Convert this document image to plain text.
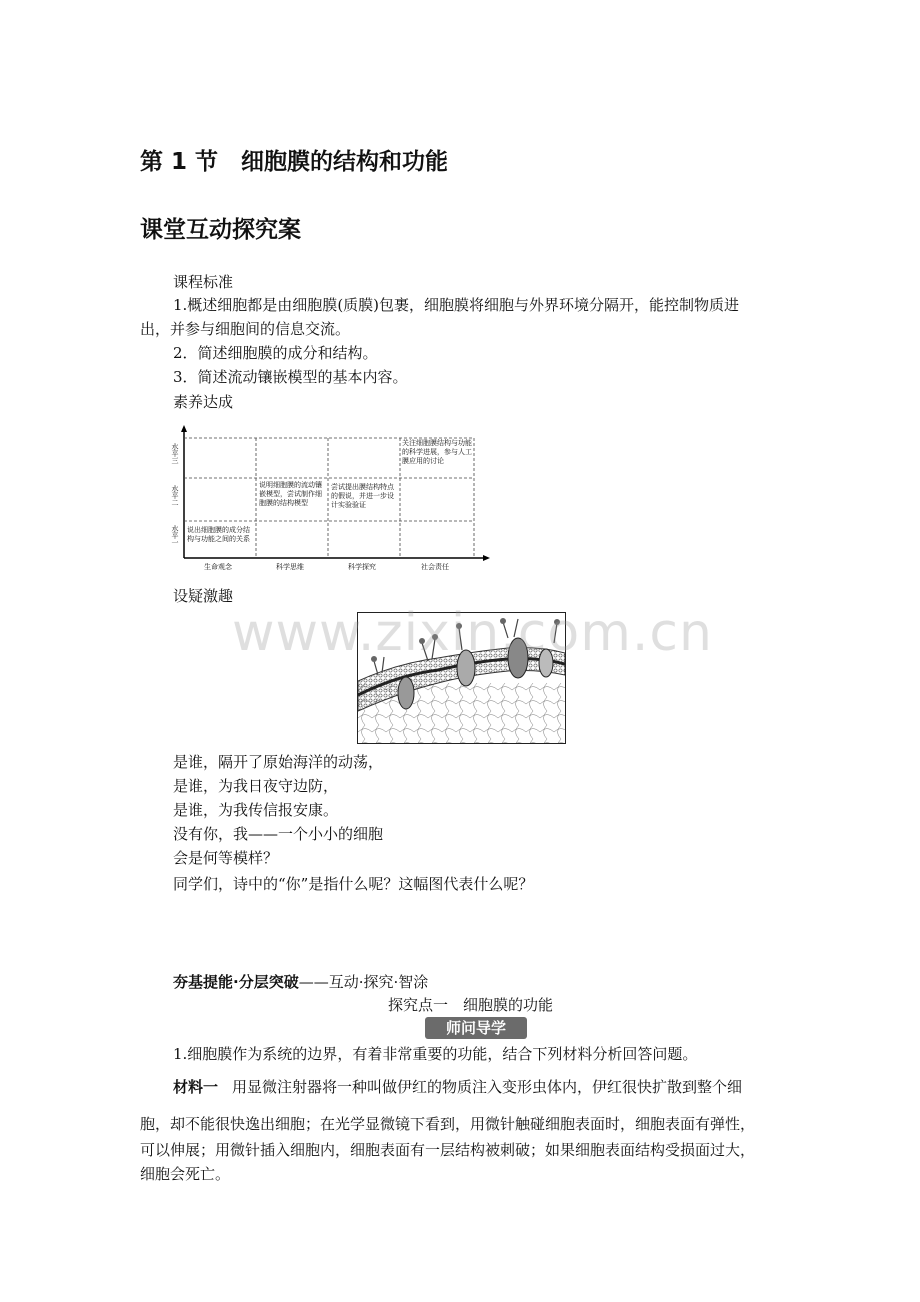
第 1 节　细胞膜的结构和功能
课堂互动探究案
课程标准
1.概述细胞都是由细胞膜(质膜)包裹，细胞膜将细胞与外界环境分隔开，能控制物质进
出，并参与细胞间的信息交流。
2．简述细胞膜的成分和结构。
3．简述流动镶嵌模型的基本内容。
素养达成
水平三
水平二
水平一
关注细胞膜结构与功能的科学进展，参与人工膜应用的讨论
说明细胞膜的流动镶嵌模型，尝试制作细胞膜的结构模型
尝试提出膜结构特点的假说，并进一步设计实验验证
说出细胞膜的成分结构与功能之间的关系
生命观念	科学思维	科学探究	社会责任
设疑激趣
www.zixin.com.cn
是谁，隔开了原始海洋的动荡，
是谁，为我日夜守边防，
是谁，为我传信报安康。
没有你，我——一个小小的细胞
会是何等模样？
同学们，诗中的“你”是指什么呢？这幅图代表什么呢？
夯基提能·分层突破——互动·探究·智涂
探究点一　细胞膜的功能
师问导学
1.细胞膜作为系统的边界，有着非常重要的功能，结合下列材料分析回答问题。
材料一 用显微注射器将一种叫做伊红的物质注入变形虫体内，伊红很快扩散到整个细
胞，却不能很快逸出细胞；在光学显微镜下看到，用微针触碰细胞表面时，细胞表面有弹性，
可以伸展；用微针插入细胞内，细胞表面有一层结构被刺破；如果细胞表面结构受损面过大，
细胞会死亡。
